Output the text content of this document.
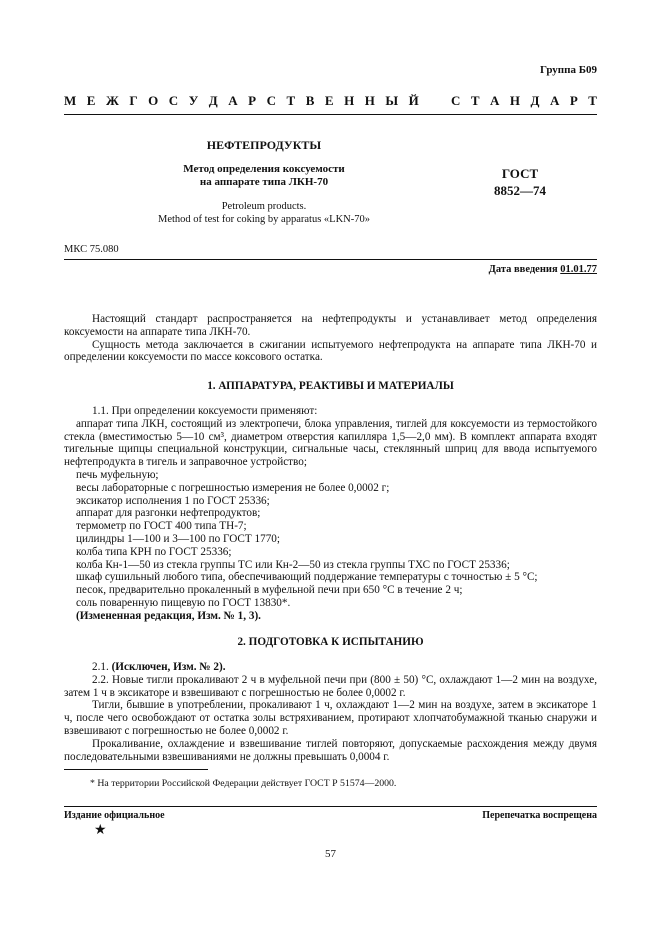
Группа Б09
М Е Ж Г О С У Д А Р С Т В Е Н Н Ы Й С Т А Н Д А Р Т
НЕФТЕПРОДУКТЫ
Метод определения коксуемости
на аппарате типа ЛКН-70
ГОСТ
8852—74
Petroleum products.
Method of test for coking by apparatus «LKN-70»
МКС 75.080
Дата введения 01.01.77

Настоящий стандарт распространяется на нефтепродукты и устанавливает метод определения коксуемости на аппарате типа ЛКН-70.

Сущность метода заключается в сжигании испытуемого нефтепродукта на аппарате типа ЛКН-70 и определении коксуемости по массе коксового остатка.

1. АППАРАТУРА, РЕАКТИВЫ И МАТЕРИАЛЫ

1.1. При определении коксуемости применяют:

аппарат типа ЛКН, состоящий из электропечи, блока управления, тиглей для коксуемости из термостойкого стекла (вместимостью 5—10 см³, диаметром отверстия капилляра 1,5—2,0 мм). В комплект аппарата входят тигельные щипцы специальной конструкции, сигнальные часы, стеклянный шприц для ввода испытуемого нефтепродукта в тигель и заправочное устройство;

печь муфельную;

весы лабораторные с погрешностью измерения не более 0,0002 г;

эксикатор исполнения 1 по ГОСТ 25336;

аппарат для разгонки нефтепродуктов;

термометр по ГОСТ 400 типа ТН-7;

цилиндры 1—100 и 3—100 по ГОСТ 1770;

колба типа КРН по ГОСТ 25336;

колба Кн-1—50 из стекла группы ТС или Кн-2—50 из стекла группы ТХС по ГОСТ 25336;

шкаф сушильный любого типа, обеспечивающий поддержание температуры с точностью ± 5 °С;

песок, предварительно прокаленный в муфельной печи при 650 °С в течение 2 ч;

соль поваренную пищевую по ГОСТ 13830*.

(Измененная редакция, Изм. № 1, 3).

2. ПОДГОТОВКА К ИСПЫТАНИЮ

2.1. (Исключен, Изм. № 2).

2.2. Новые тигли прокаливают 2 ч в муфельной печи при (800 ± 50) °С, охлаждают 1—2 мин на воздухе, затем 1 ч в эксикаторе и взвешивают с погрешностью не более 0,0002 г.

Тигли, бывшие в употреблении, прокаливают 1 ч, охлаждают 1—2 мин на воздухе, затем в эксикаторе 1 ч, после чего освобождают от остатка золы встряхиванием, протирают хлопчатобумажной тканью снаружи и взвешивают с погрешностью не более 0,0002 г.

Прокаливание, охлаждение и взвешивание тиглей повторяют, допускаемые расхождения между двумя последовательными взвешиваниями не должны превышать 0,0004 г.

* На территории Российской Федерации действует ГОСТ Р 51574—2000.
Издание официальное	Перепечатка воспрещена
★
57
